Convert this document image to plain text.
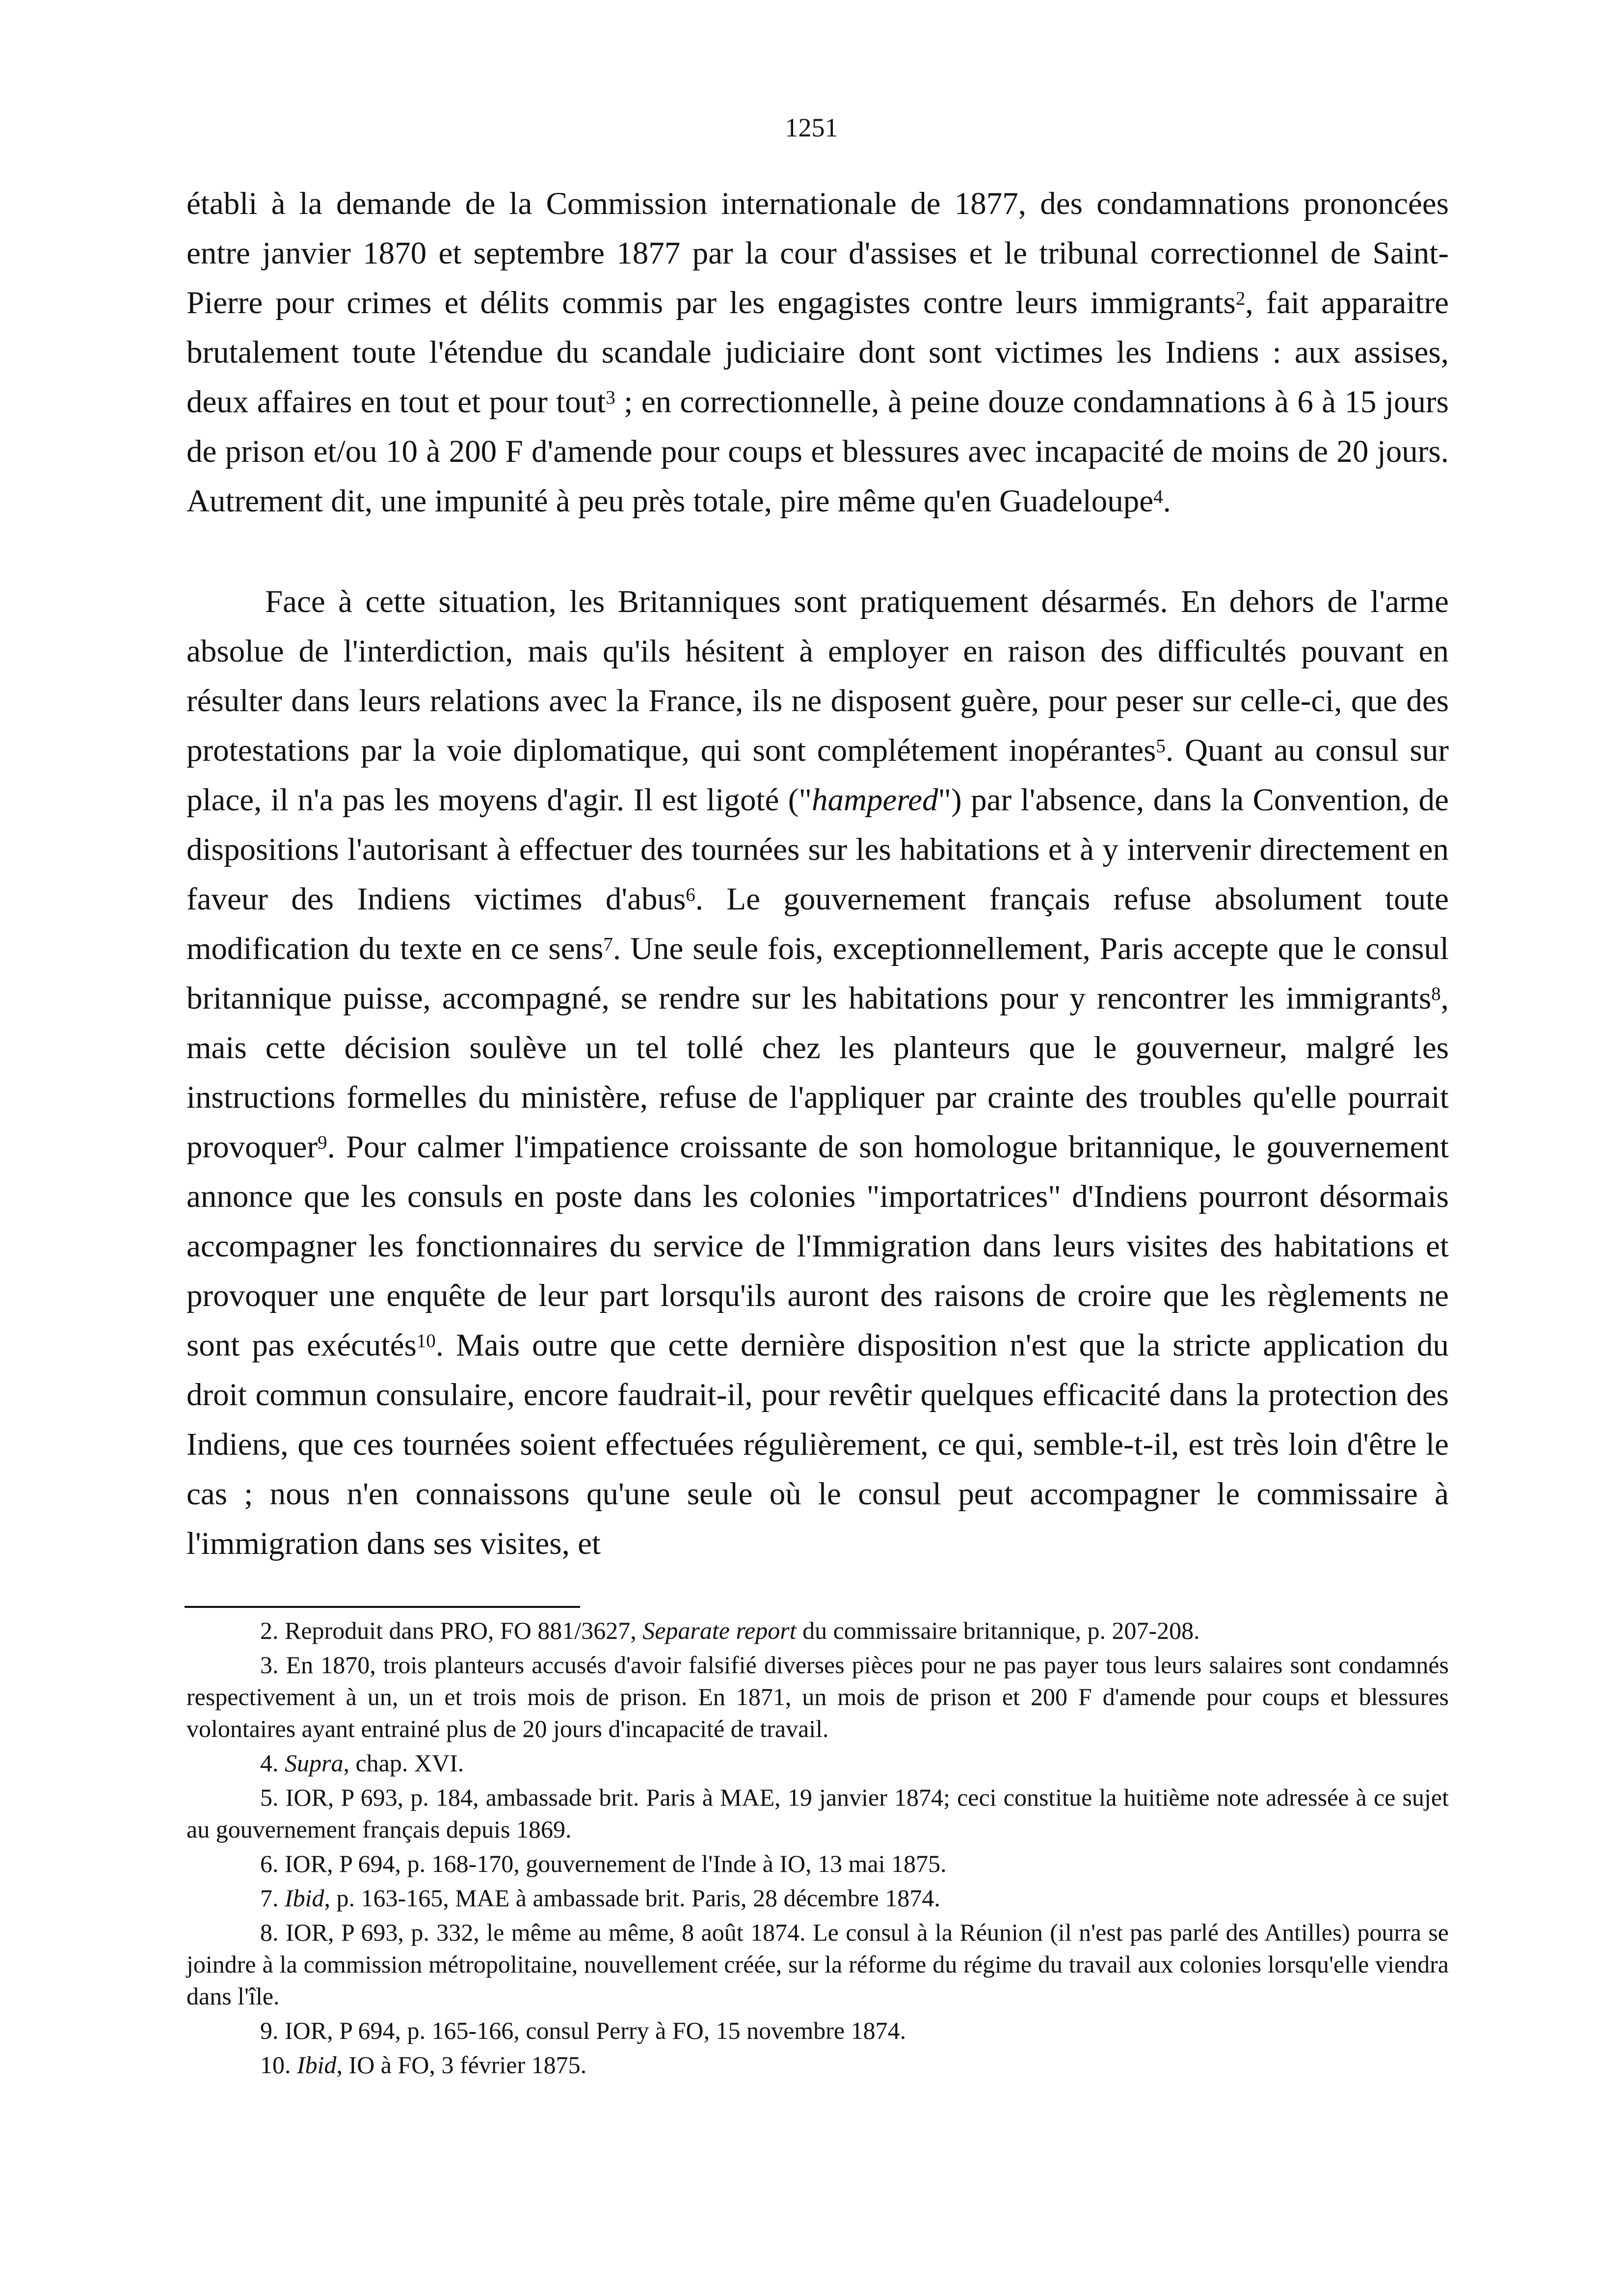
1251

établi à la demande de la Commission internationale de 1877, des condamnations prononcées entre janvier 1870 et septembre 1877 par la cour d'assises et le tribunal correctionnel de Saint-Pierre pour crimes et délits commis par les engagistes contre leurs immigrants$^2$, fait apparaitre brutalement toute l'étendue du scandale judiciaire dont sont victimes les Indiens : aux assises, deux affaires en tout et pour tout$^3$ ; en correctionnelle, à peine douze condamnations à 6 à 15 jours de prison et/ou 10 à 200 F d'amende pour coups et blessures avec incapacité de moins de 20 jours. Autrement dit, une impunité à peu près totale, pire même qu'en Guadeloupe$^4$.

Face à cette situation, les Britanniques sont pratiquement désarmés. En dehors de l'arme absolue de l'interdiction, mais qu'ils hésitent à employer en raison des difficultés pouvant en résulter dans leurs relations avec la France, ils ne disposent guère, pour peser sur celle-ci, que des protestations par la voie diplomatique, qui sont complétement inopérantes$^5$. Quant au consul sur place, il n'a pas les moyens d'agir. Il est ligoté ("hampered") par l'absence, dans la Convention, de dispositions l'autorisant à effectuer des tournées sur les habitations et à y intervenir directement en faveur des Indiens victimes d'abus$^6$. Le gouvernement français refuse absolument toute modification du texte en ce sens$^7$. Une seule fois, exceptionnellement, Paris accepte que le consul britannique puisse, accompagné, se rendre sur les habitations pour y rencontrer les immigrants$^8$, mais cette décision soulève un tel tollé chez les planteurs que le gouverneur, malgré les instructions formelles du ministère, refuse de l'appliquer par crainte des troubles qu'elle pourrait provoquer$^9$. Pour calmer l'impatience croissante de son homologue britannique, le gouvernement annonce que les consuls en poste dans les colonies "importatrices" d'Indiens pourront désormais accompagner les fonctionnaires du service de l'Immigration dans leurs visites des habitations et provoquer une enquête de leur part lorsqu'ils auront des raisons de croire que les règlements ne sont pas exécutés$^{10}$. Mais outre que cette dernière disposition n'est que la stricte application du droit commun consulaire, encore faudrait-il, pour revêtir quelques efficacité dans la protection des Indiens, que ces tournées soient effectuées régulièrement, ce qui, semble-t-il, est très loin d'être le cas ; nous n'en connaissons qu'une seule où le consul peut accompagner le commissaire à l'immigration dans ses visites, et

2. Reproduit dans PRO, FO 881/3627, Separate report du commissaire britannique, p. 207-208.

3. En 1870, trois planteurs accusés d'avoir falsifié diverses pièces pour ne pas payer tous leurs salaires sont condamnés respectivement à un, un et trois mois de prison. En 1871, un mois de prison et 200 F d'amende pour coups et blessures volontaires ayant entrainé plus de 20 jours d'incapacité de travail.

4. Supra, chap. XVI.

5. IOR, P 693, p. 184, ambassade brit. Paris à MAE, 19 janvier 1874; ceci constitue la huitième note adressée à ce sujet au gouvernement français depuis 1869.

6. IOR, P 694, p. 168-170, gouvernement de l'Inde à IO, 13 mai 1875.

7. Ibid, p. 163-165, MAE à ambassade brit. Paris, 28 décembre 1874.

8. IOR, P 693, p. 332, le même au même, 8 août 1874. Le consul à la Réunion (il n'est pas parlé des Antilles) pourra se joindre à la commission métropolitaine, nouvellement créée, sur la réforme du régime du travail aux colonies lorsqu'elle viendra dans l'île.

9. IOR, P 694, p. 165-166, consul Perry à FO, 15 novembre 1874.

10. Ibid, IO à FO, 3 février 1875.
